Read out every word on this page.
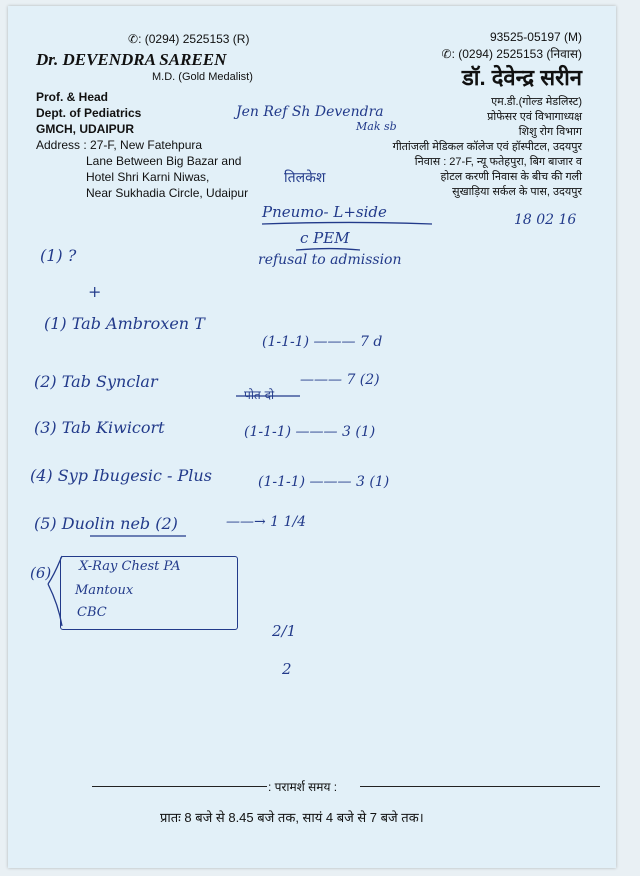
✆: (0294) 2525153 (R)
Dr. DEVENDRA SAREEN
M.D. (Gold Medalist)
Prof. & Head
Dept. of Pediatrics
GMCH, UDAIPUR
Address : 27-F, New Fatehpura
Lane Between Big Bazar and
Hotel Shri Karni Niwas,
Near Sukhadia Circle, Udaipur
93525-05197 (M)
✆: (0294) 2525153 (निवास)
डॉ. देवेन्द्र सरीन
एम.डी.(गोल्ड मेडलिस्ट)
प्रोफेसर एवं विभागाध्यक्ष
शिशु रोग विभाग
गीतांजली मेडिकल कॉलेज एवं हॉस्पीटल, उदयपुर
निवास : 27-F, न्यू फतेहपुरा, बिग बाजार व
होटल करणी निवास के बीच की गली
सुखाड़िया सर्कल के पास, उदयपुर
Jen Ref Sh Devendra
Mak sb
तिलकेश
Pneumo- L+side
c PEM
refusal to admission
18 02 16
(1) ?
+
(1) Tab Ambroxen T
(1-1-1) ——— 7 d
(2) Tab Synclar
पोत दो
——— 7 (2)
(3) Tab Kiwicort	(1-1-1) ——— 3 (1)
(4) Syp Ibugesic - Plus	(1-1-1) ——— 3 (1)
(5) Duolin neb (2)	——→ 1 1/4
(6) X-Ray Chest PA
Mantoux
CBC
2/1
2
: परामर्श समय :
प्रातः 8 बजे से 8.45 बजे तक, सायं 4 बजे से 7 बजे तक।
